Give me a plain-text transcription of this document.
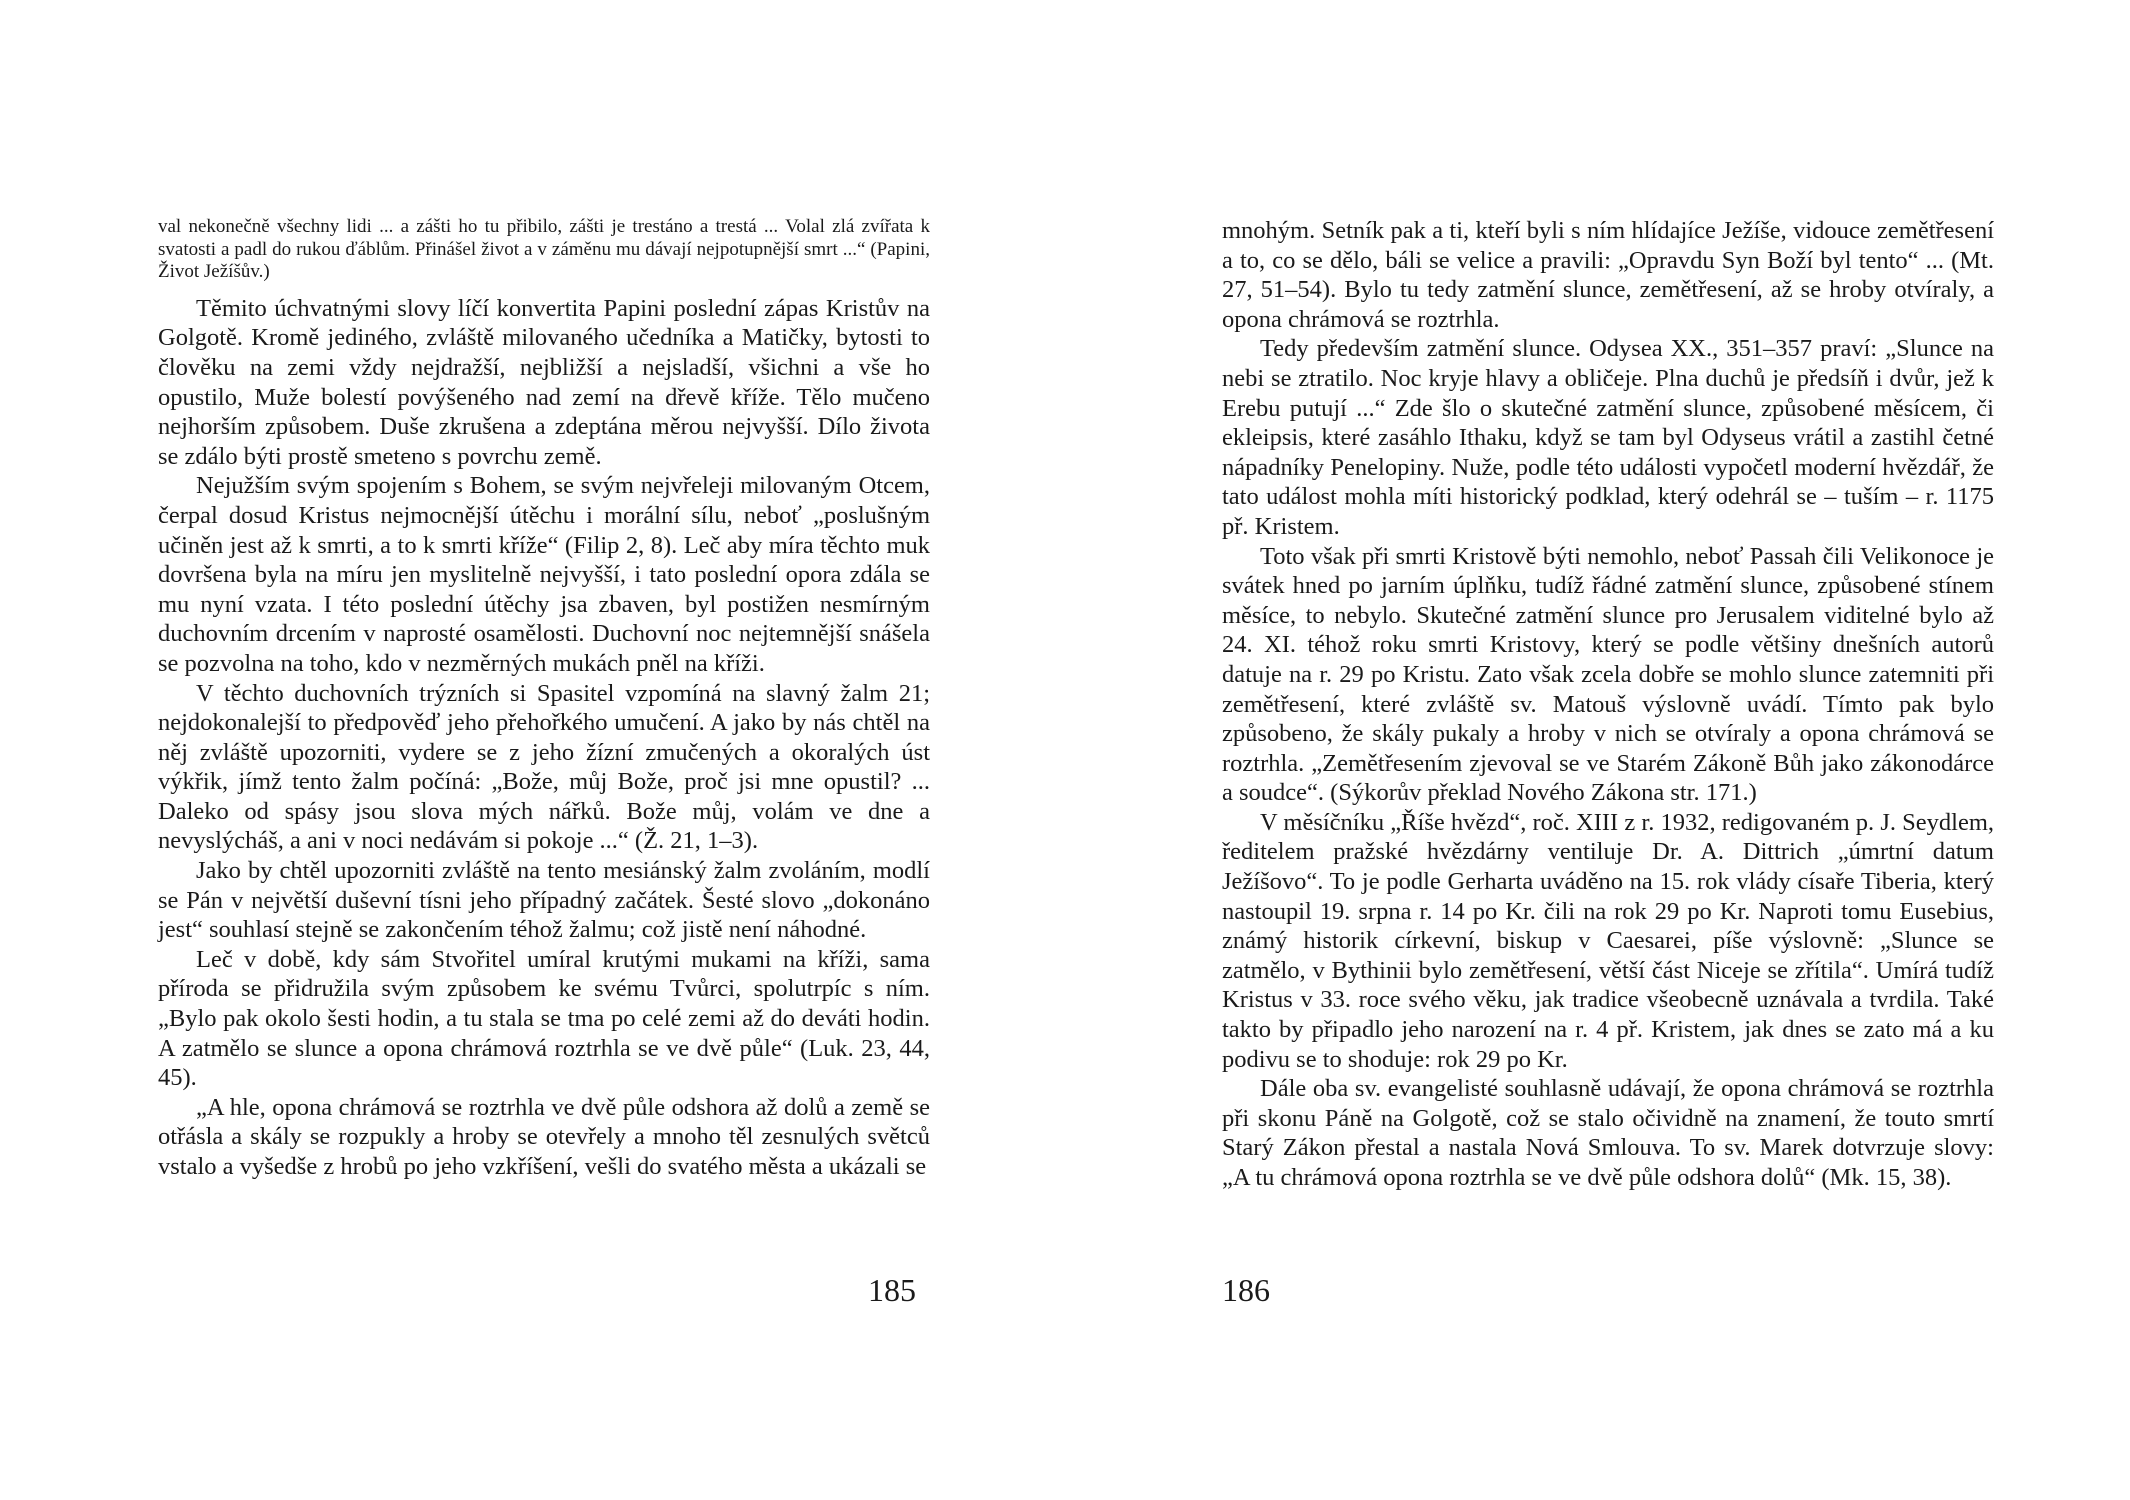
val nekonečně všechny lidi ... a zášti ho tu přibilo, zášti je trestáno a trestá ... Volal zlá zvířata k svatosti a padl do rukou ďáblům. Přinášel život a v záměnu mu dávají nejpotupnější smrt ...“ (Papini, Život Ježíšův.)

Těmito úchvatnými slovy líčí konvertita Papini poslední zápas Kristův na Golgotě. Kromě jediného, zvláště milovaného učedníka a Matičky, bytosti to člověku na zemi vždy nejdražší, nejbližší a nejsladší, všichni a vše ho opustilo, Muže bolestí povýšeného nad zemí na dřevě kříže. Tělo mučeno nejhorším způsobem. Duše zkrušena a zdeptána měrou nejvyšší. Dílo života se zdálo býti prostě smeteno s povrchu země.

Nejužším svým spojením s Bohem, se svým nejvřeleji milovaným Otcem, čerpal dosud Kristus nejmocnější útěchu i morální sílu, neboť „poslušným učiněn jest až k smrti, a to k smrti kříže“ (Filip 2, 8). Leč aby míra těchto muk dovršena byla na míru jen myslitelně nejvyšší, i tato poslední opora zdála se mu nyní vzata. I této poslední útěchy jsa zbaven, byl postižen nesmírným duchovním drcením v naprosté osamělosti. Duchovní noc nejtemnější snášela se pozvolna na toho, kdo v nezměrných mukách pněl na kříži.

V těchto duchovních trýzních si Spasitel vzpomíná na slavný žalm 21; nejdokonalejší to předpověď jeho přehořkého umučení. A jako by nás chtěl na něj zvláště upozorniti, vydere se z jeho žízní zmučených a okoralých úst výkřik, jímž tento žalm počíná: „Bože, můj Bože, proč jsi mne opustil? ... Daleko od spásy jsou slova mých nářků. Bože můj, volám ve dne a nevyslýcháš, a ani v noci nedávám si pokoje ...“ (Ž. 21, 1–3).

Jako by chtěl upozorniti zvláště na tento mesiánský žalm zvoláním, modlí se Pán v největší duševní tísni jeho případný začátek. Šesté slovo „dokonáno jest“ souhlasí stejně se zakončením téhož žalmu; což jistě není náhodné.

Leč v době, kdy sám Stvořitel umíral krutými mukami na kříži, sama příroda se přidružila svým způsobem ke svému Tvůrci, spolutrpíc s ním. „Bylo pak okolo šesti hodin, a tu stala se tma po celé zemi až do deváti hodin. A zatmělo se slunce a opona chrámová roztrhla se ve dvě půle“ (Luk. 23, 44, 45).

„A hle, opona chrámová se roztrhla ve dvě půle odshora až dolů a země se otřásla a skály se rozpukly a hroby se otevřely a mnoho těl zesnulých světců vstalo a vyšedše z hrobů po jeho vzkříšení, vešli do svatého města a ukázali se

185

mnohým. Setník pak a ti, kteří byli s ním hlídajíce Ježíše, vidouce zemětřesení a to, co se dělo, báli se velice a pravili: „Opravdu Syn Boží byl tento“ ... (Mt. 27, 51–54). Bylo tu tedy zatmění slunce, zemětřesení, až se hroby otvíraly, a opona chrámová se roztrhla.

Tedy především zatmění slunce. Odysea XX., 351–357 praví: „Slunce na nebi se ztratilo. Noc kryje hlavy a obličeje. Plna duchů je předsíň i dvůr, jež k Erebu putují ...“ Zde šlo o skutečné zatmění slunce, způsobené měsícem, či ekleipsis, které zasáhlo Ithaku, když se tam byl Odyseus vrátil a zastihl četné nápadníky Penelopiny. Nuže, podle této události vypočetl moderní hvězdář, že tato událost mohla míti historický podklad, který odehrál se – tuším – r. 1175 př. Kristem.

Toto však při smrti Kristově býti nemohlo, neboť Passah čili Velikonoce je svátek hned po jarním úplňku, tudíž řádné zatmění slunce, způsobené stínem měsíce, to nebylo. Skutečné zatmění slunce pro Jerusalem viditelné bylo až 24. XI. téhož roku smrti Kristovy, který se podle většiny dnešních autorů datuje na r. 29 po Kristu. Zato však zcela dobře se mohlo slunce zatemniti při zemětřesení, které zvláště sv. Matouš výslovně uvádí. Tímto pak bylo způsobeno, že skály pukaly a hroby v nich se otvíraly a opona chrámová se roztrhla. „Zemětřesením zjevoval se ve Starém Zákoně Bůh jako zákonodárce a soudce“. (Sýkorův překlad Nového Zákona str. 171.)

V měsíčníku „Říše hvězd“, roč. XIII z r. 1932, redigovaném p. J. Seydlem, ředitelem pražské hvězdárny ventiluje Dr. A. Dittrich „úmrtní datum Ježíšovo“. To je podle Gerharta uváděno na 15. rok vlády císaře Tiberia, který nastoupil 19. srpna r. 14 po Kr. čili na rok 29 po Kr. Naproti tomu Eusebius, známý historik církevní, biskup v Caesarei, píše výslovně: „Slunce se zatmělo, v Bythinii bylo zemětřesení, větší část Niceje se zřítila“. Umírá tudíž Kristus v 33. roce svého věku, jak tradice všeobecně uznávala a tvrdila. Také takto by připadlo jeho narození na r. 4 př. Kristem, jak dnes se zato má a ku podivu se to shoduje: rok 29 po Kr.

Dále oba sv. evangelisté souhlasně udávají, že opona chrámová se roztrhla při skonu Páně na Golgotě, což se stalo očividně na znamení, že touto smrtí Starý Zákon přestal a nastala Nová Smlouva. To sv. Marek dotvrzuje slovy: „A tu chrámová opona roztrhla se ve dvě půle odshora dolů“ (Mk. 15, 38).

186
